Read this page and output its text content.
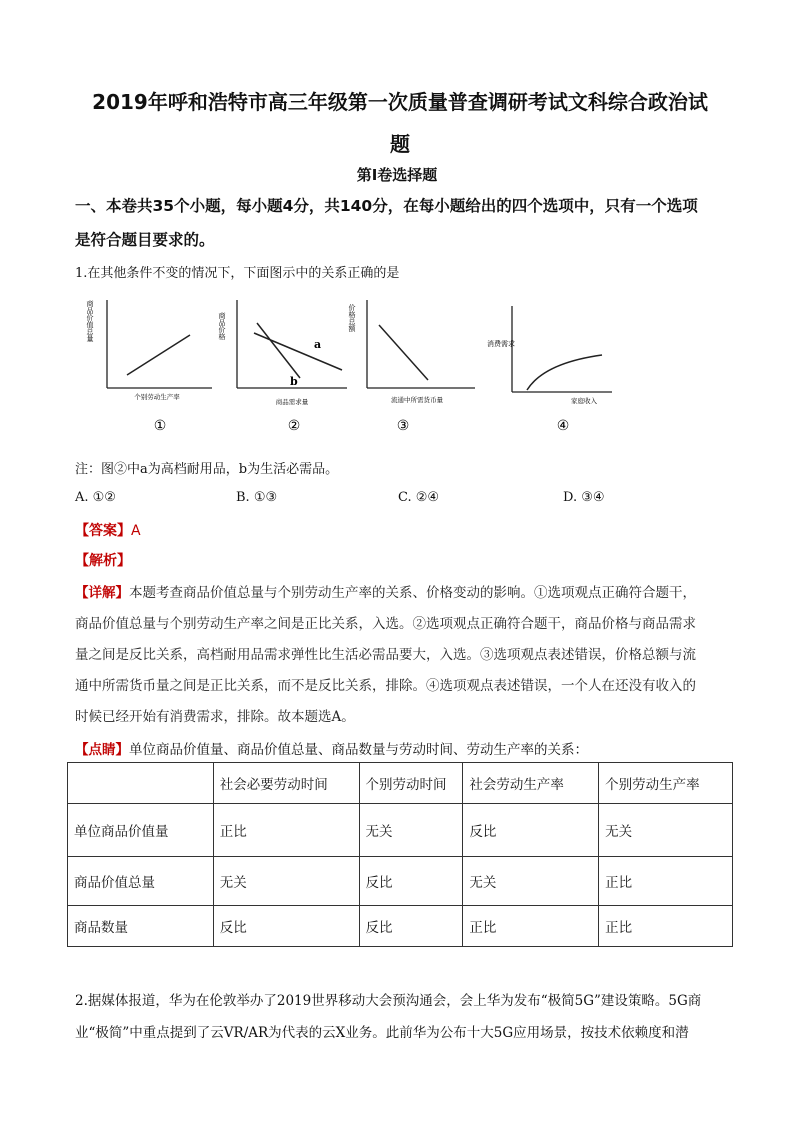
2019年呼和浩特市高三年级第一次质量普查调研考试文科综合政治试
题
第Ⅰ卷选择题
一、本卷共35个小题，每小题4分，共140分，在每小题给出的四个选项中，只有一个选项
是符合题目要求的。
1.在其他条件不变的情况下，下面图示中的关系正确的是
商品价值总量
个别劳动生产率
①
a
b
商品价格
商品需求量
②
价格总额
流通中所需货币量
③
消费需求
家庭收入
④
注：图②中a为高档耐用品，b为生活必需品。
A. ①②	B. ①③	C. ②④	D. ③④
【答案】A
【解析】

【详解】本题考查商品价值总量与个别劳动生产率的关系、价格变动的影响。①选项观点正确符合题干，

商品价值总量与个别劳动生产率之间是正比关系，入选。②选项观点正确符合题干，商品价格与商品需求

量之间是反比关系，高档耐用品需求弹性比生活必需品要大，入选。③选项观点表述错误，价格总额与流

通中所需货币量之间是正比关系，而不是反比关系，排除。④选项观点表述错误，一个人在还没有收入的

时候已经开始有消费需求，排除。故本题选A。

【点睛】单位商品价值量、商品价值总量、商品数量与劳动时间、劳动生产率的关系：
	社会必要劳动时间	个别劳动时间	社会劳动生产率	个别劳动生产率
单位商品价值量	正比	无关	反比	无关
商品价值总量	无关	反比	无关	正比
商品数量	反比	反比	正比	正比

2.据媒体报道，华为在伦敦举办了2019世界移动大会预沟通会，会上华为发布“极简5G”建设策略。5G商

业“极简”中重点提到了云VR/AR为代表的云X业务。此前华为公布十大5G应用场景，按技术依赖度和潜
